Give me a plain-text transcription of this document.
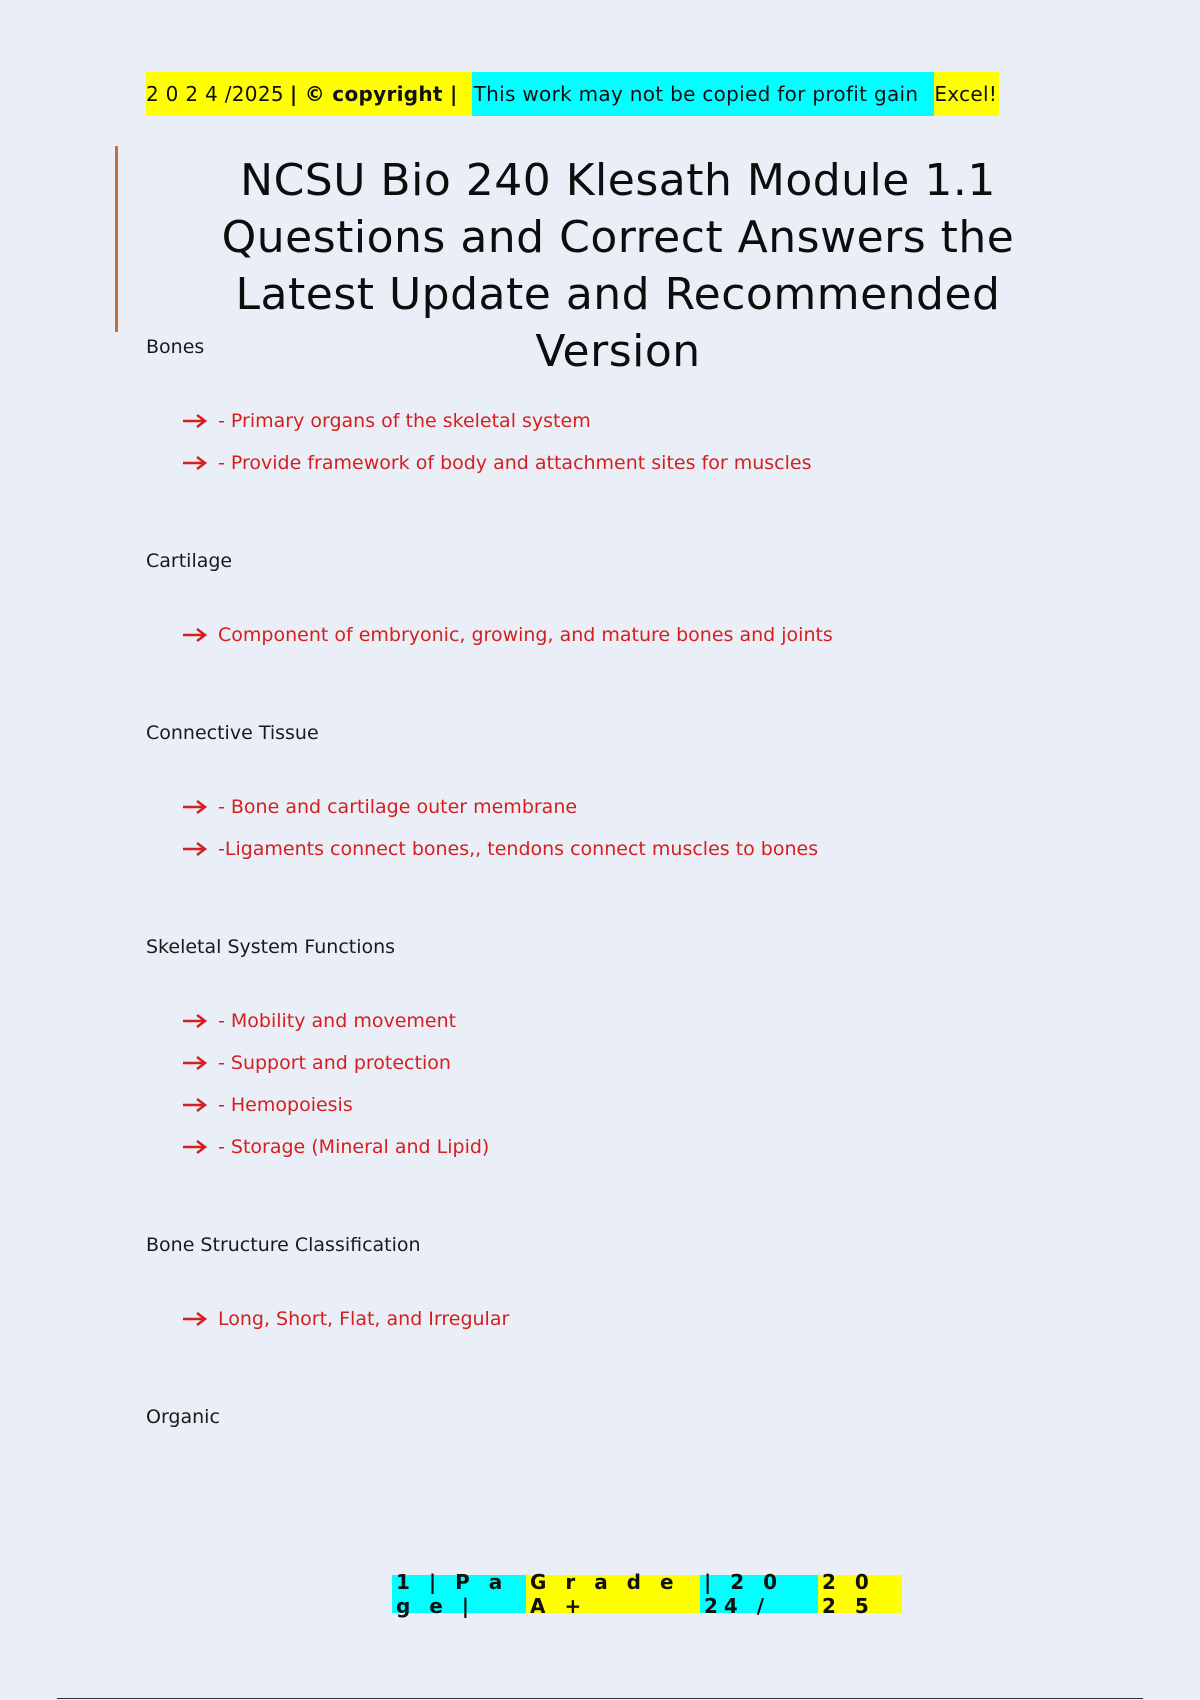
2 0 2 4 /2025 | © copyright | This work may not be copied for profit gain Excel!
NCSU Bio 240 Klesath Module 1.1 Questions and Correct Answers the Latest Update and Recommended Version
Bones
- Primary organs of the skeletal system
- Provide framework of body and attachment sites for muscles
Cartilage
Component of embryonic, growing, and mature bones and joints
Connective Tissue
- Bone and cartilage outer membrane
-Ligaments connect bones,, tendons connect muscles to bones
Skeletal System Functions
- Mobility and movement
- Support and protection
- Hemopoiesis
- Storage (Mineral and Lipid)
Bone Structure Classification
Long, Short, Flat, and Irregular
Organic
1 | P a g e |
G r a d e A +
| 2 0 24 /
2 0 2 5
